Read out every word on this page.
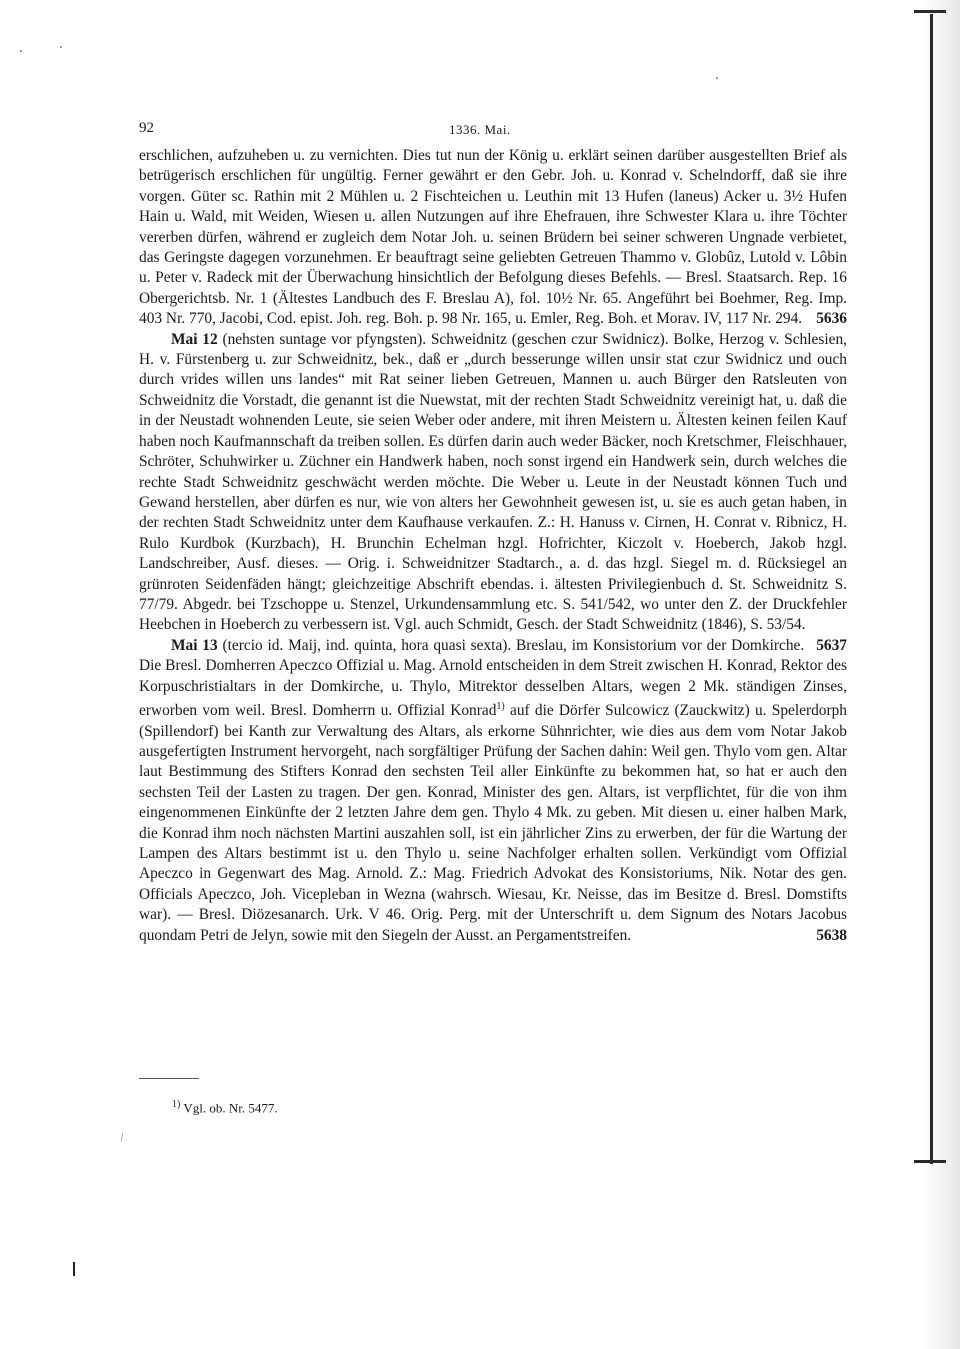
92	1336. Mai.

erschlichen, aufzuheben u. zu vernichten. Dies tut nun der König u. erklärt seinen darüber ausgestellten Brief als betrügerisch erschlichen für ungültig. Ferner gewährt er den Gebr. Joh. u. Konrad v. Schelndorff, daß sie ihre vorgen. Güter sc. Rathin mit 2 Mühlen u. 2 Fischteichen u. Leuthin mit 13 Hufen (laneus) Acker u. 3½ Hufen Hain u. Wald, mit Weiden, Wiesen u. allen Nutzungen auf ihre Ehefrauen, ihre Schwester Klara u. ihre Töchter vererben dürfen, während er zugleich dem Notar Joh. u. seinen Brüdern bei seiner schweren Ungnade verbietet, das Geringste dagegen vorzunehmen. Er beauftragt seine geliebten Getreuen Thammo v. Globûz, Lutold v. Lôbin u. Peter v. Radeck mit der Überwachung hinsichtlich der Befolgung dieses Befehls. — Bresl. Staatsarch. Rep. 16 Obergerichtsb. Nr. 1 (Ältestes Landbuch des F. Breslau A), fol. 10½ Nr. 65. Angeführt bei Boehmer, Reg. Imp. 403 Nr. 770, Jacobi, Cod. epist. Joh. reg. Boh. p. 98 Nr. 165, u. Emler, Reg. Boh. et Morav. IV, 117 Nr. 294. 5636

Mai 12 (nehsten suntage vor pfyngsten). Schweidnitz (geschen czur Swidnicz). Bolke, Herzog v. Schlesien, H. v. Fürstenberg u. zur Schweidnitz, bek., daß er „durch besserunge willen unsir stat czur Swidnicz und ouch durch vrides willen uns landes“ mit Rat seiner lieben Getreuen, Mannen u. auch Bürger den Ratsleuten von Schweidnitz die Vorstadt, die genannt ist die Nuewstat, mit der rechten Stadt Schweidnitz vereinigt hat, u. daß die in der Neustadt wohnenden Leute, sie seien Weber oder andere, mit ihren Meistern u. Ältesten keinen feilen Kauf haben noch Kaufmannschaft da treiben sollen. Es dürfen darin auch weder Bäcker, noch Kretschmer, Fleischhauer, Schröter, Schuhwirker u. Züchner ein Handwerk haben, noch sonst irgend ein Handwerk sein, durch welches die rechte Stadt Schweidnitz geschwächt werden möchte. Die Weber u. Leute in der Neustadt können Tuch und Gewand herstellen, aber dürfen es nur, wie von alters her Gewohnheit gewesen ist, u. sie es auch getan haben, in der rechten Stadt Schweidnitz unter dem Kaufhause verkaufen. Z.: H. Hanuss v. Cirnen, H. Conrat v. Ribnicz, H. Rulo Kurdbok (Kurzbach), H. Brunchin Echelman hzgl. Hofrichter, Kiczolt v. Hoeberch, Jakob hzgl. Landschreiber, Ausf. dieses. — Orig. i. Schweidnitzer Stadtarch., a. d. das hzgl. Siegel m. d. Rücksiegel an grünroten Seidenfäden hängt; gleichzeitige Abschrift ebendas. i. ältesten Privilegienbuch d. St. Schweidnitz S. 77/79. Abgedr. bei Tzschoppe u. Stenzel, Urkundensammlung etc. S. 541/542, wo unter den Z. der Druckfehler Heebchen in Hoeberch zu verbessern ist. Vgl. auch Schmidt, Gesch. der Stadt Schweidnitz (1846), S. 53/54.
5637

Mai 13 (tercio id. Maij, ind. quinta, hora quasi sexta). Breslau, im Konsistorium vor der Domkirche. Die Bresl. Domherren Apeczco Offizial u. Mag. Arnold entscheiden in dem Streit zwischen H. Konrad, Rektor des Korpuschristialtars in der Domkirche, u. Thylo, Mitrektor desselben Altars, wegen 2 Mk. ständigen Zinses, erworben vom weil. Bresl. Domherrn u. Offizial Konrad$^{1)}$ auf die Dörfer Sulcowicz (Zauckwitz) u. Spelerdorph (Spillendorf) bei Kanth zur Verwaltung des Altars, als erkorne Sühnrichter, wie dies aus dem vom Notar Jakob ausgefertigten Instrument hervorgeht, nach sorgfältiger Prüfung der Sachen dahin: Weil gen. Thylo vom gen. Altar laut Bestimmung des Stifters Konrad den sechsten Teil aller Einkünfte zu bekommen hat, so hat er auch den sechsten Teil der Lasten zu tragen. Der gen. Konrad, Minister des gen. Altars, ist verpflichtet, für die von ihm eingenommenen Einkünfte der 2 letzten Jahre dem gen. Thylo 4 Mk. zu geben. Mit diesen u. einer halben Mark, die Konrad ihm noch nächsten Martini auszahlen soll, ist ein jährlicher Zins zu erwerben, der für die Wartung der Lampen des Altars bestimmt ist u. den Thylo u. seine Nachfolger erhalten sollen. Verkündigt vom Offizial Apeczco in Gegenwart des Mag. Arnold. Z.: Mag. Friedrich Advokat des Konsistoriums, Nik. Notar des gen. Officials Apeczco, Joh. Vicepleban in Wezna (wahrsch. Wiesau, Kr. Neisse, das im Besitze d. Bresl. Domstifts war). — Bresl. Diözesanarch. Urk. V 46. Orig. Perg. mit der Unterschrift u. dem Signum des Notars Jacobus quondam Petri de Jelyn, sowie mit den Siegeln der Ausst. an Pergamentstreifen.	5638

$^{1)}$ Vgl. ob. Nr. 5477.
\
